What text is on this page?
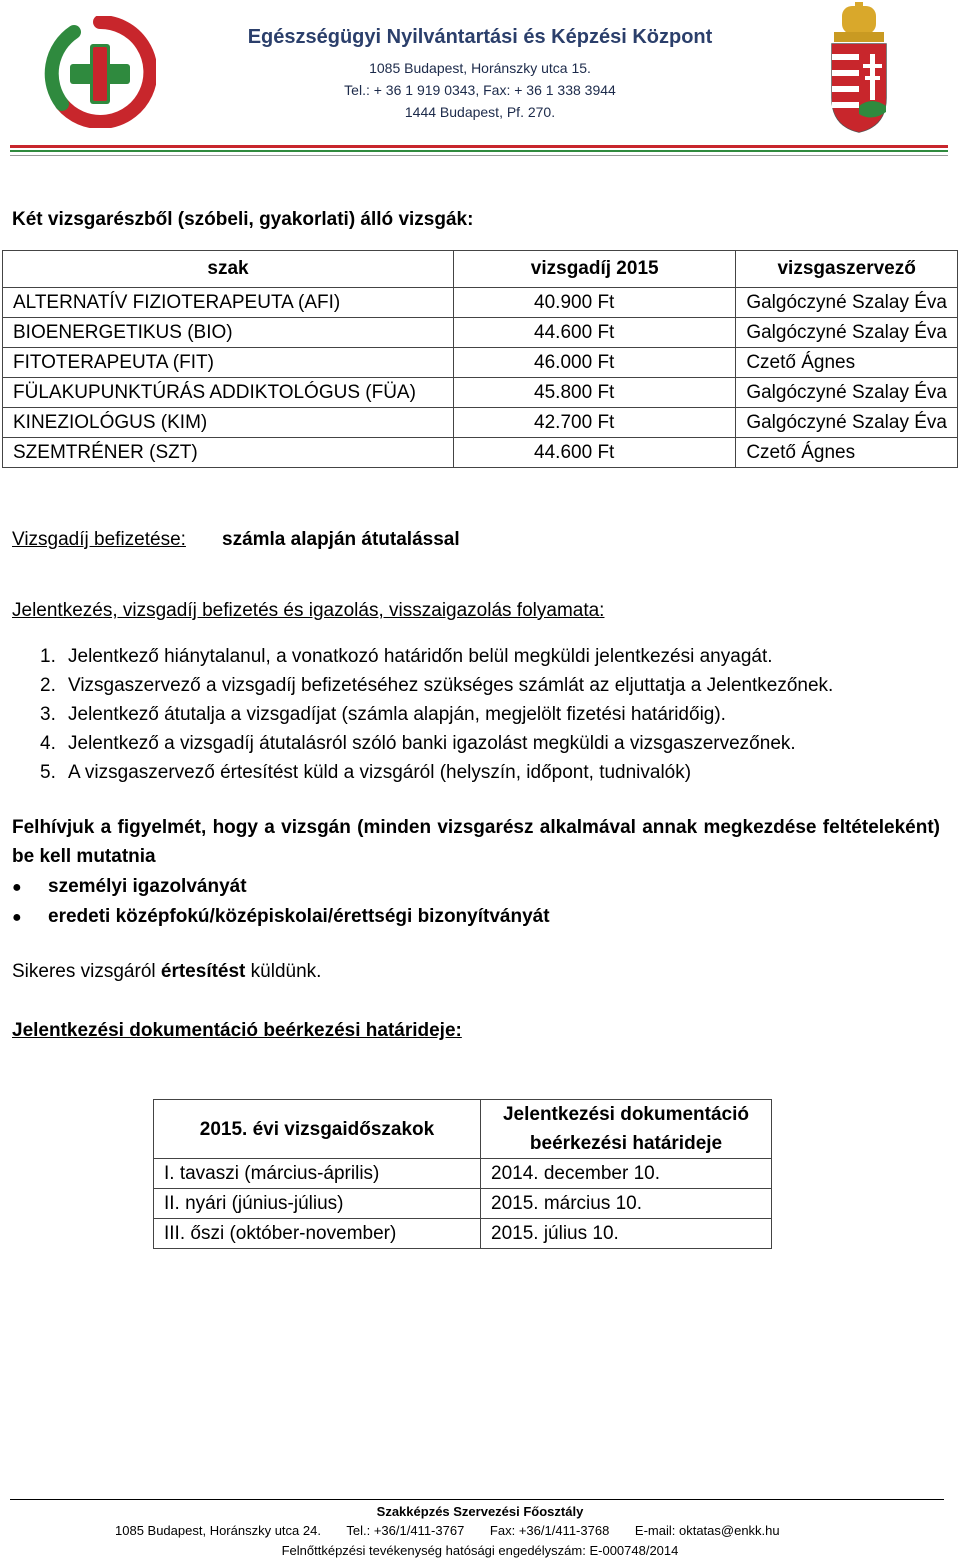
Egészségügyi Nyilvántartási és Képzési Központ
1085 Budapest, Horánszky utca 15.
Tel.: + 36 1 919 0343, Fax: + 36 1 338 3944
1444 Budapest, Pf. 270.
Két vizsgarészből (szóbeli, gyakorlati) álló vizsgák:
szak	vizsgadíj 2015	vizsgaszervező
ALTERNATÍV FIZIOTERAPEUTA (AFI)	40.900 Ft	Galgóczyné Szalay Éva
BIOENERGETIKUS (BIO)	44.600 Ft	Galgóczyné Szalay Éva
FITOTERAPEUTA (FIT)	46.000 Ft	Czető Ágnes
FÜLAKUPUNKTÚRÁS ADDIKTOLÓGUS (FÜA)	45.800 Ft	Galgóczyné Szalay Éva
KINEZIOLÓGUS (KIM)	42.700 Ft	Galgóczyné Szalay Éva
SZEMTRÉNER (SZT)	44.600 Ft	Czető Ágnes
Vizsgadíj befizetése: számla alapján átutalással
Jelentkezés, vizsgadíj befizetés és igazolás, visszaigazolás folyamata:
1. Jelentkező hiánytalanul, a vonatkozó határidőn belül megküldi jelentkezési anyagát.
2. Vizsgaszervező a vizsgadíj befizetéséhez szükséges számlát az eljuttatja a Jelentkezőnek.
3. Jelentkező átutalja a vizsgadíjat (számla alapján, megjelölt fizetési határidőig).
4. Jelentkező a vizsgadíj átutalásról szóló banki igazolást megküldi a vizsgaszervezőnek.
5. A vizsgaszervező értesítést küld a vizsgáról (helyszín, időpont, tudnivalók)
Felhívjuk a figyelmét, hogy a vizsgán (minden vizsgarész alkalmával annak megkezdése feltételeként) be kell mutatnia
● személyi igazolványát
● eredeti középfokú/középiskolai/érettségi bizonyítványát
Sikeres vizsgáról értesítést küldünk.
Jelentkezési dokumentáció beérkezési határideje:
2015. évi vizsgaidőszakok	Jelentkezési dokumentáció
beérkezési határideje

I. tavaszi (március-április)	2014. december 10.
II. nyári (június-július)	2015. március 10.
III. őszi (október-november)	2015. július 10.
Szakképzés Szervezési Főosztály
1085 Budapest, Horánszky utca 24. Tel.: +36/1/411-3767 Fax: +36/1/411-3768 E-mail: oktatas@enkk.hu
Felnőttképzési tevékenység hatósági engedélyszám: E-000748/2014
